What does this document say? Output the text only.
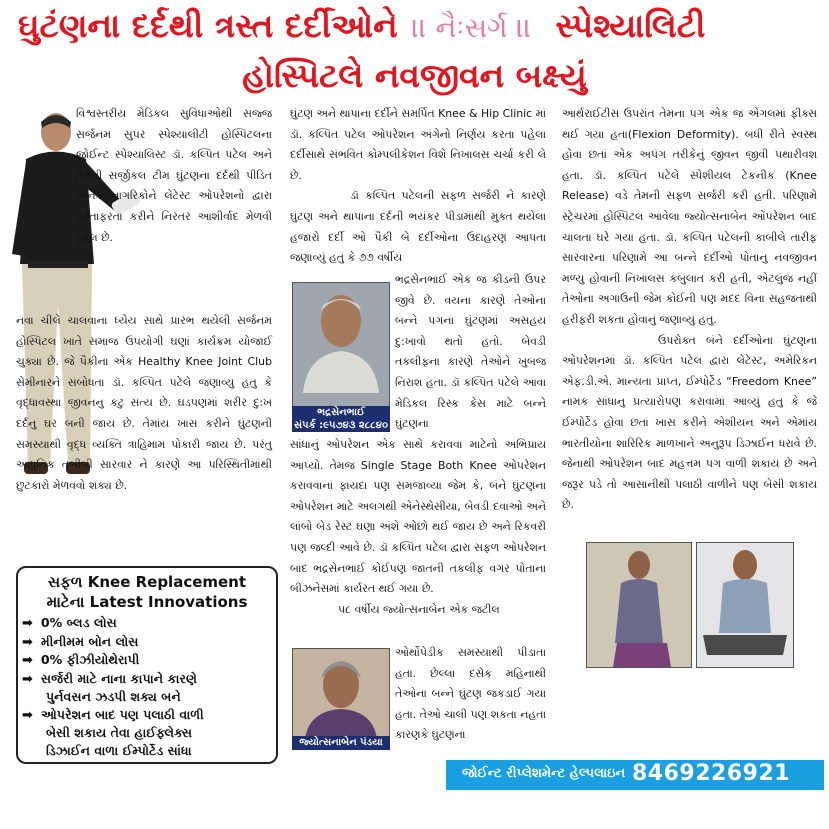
ઘુટંણના દર્દથી ત્રસ્ત દર્દીઓને ।। નૈઃસર્ગ ।। સ્પેશ્યાલિટી
હોસ્પિટલે નવજીવન બક્ષ્યું

વિશ્વસ્તરીય મેડિકલ સુવિધાઓથી સજ્જ સર્જનમ સુપર સ્પેશ્યાલીટી હોસ્પિટલના જોઈન્ટ સ્પેશ્યાલિસ્ટ ડૉ. કલ્પિત પટેલ અને તેમની સર્જીકલ ટીમ ઘુંટણના દર્દથી પીડિત અનેક નાગરિકોને લેટેસ્ટ ઓપરેશનો દ્વારા હરતાફરતા કરીને નિરંતર આશીર્વાદ મેળવી રહેલ છે.

નવા ચીલે ચાલવાના ધ્યેય સાથે પ્રારંભ થયેલી સર્જનમ હોસ્પિટલ ખાતે સમાજ ઉપયોગી ઘણાં કાર્યક્રમ યોજાઈ ચુક્યા છે. જે પૈકીના એક Healthy Knee Joint Club સેમીનારને સંબોધતા ડૉ. કલ્પિત પટેલે જણાવ્યુ હતુ કે વૃદ્ધાવસ્થા જીવનનુ કટુ સત્ય છે. ઘડપણમાં શરીર દુ:ખ દર્દનુ ઘર બની જાય છે. તેમાંય ખાસ કરીને ઘુંટણની સમસ્યાથી વૃદ્ધ વ્યક્તિ ત્રાહિમામ પોકારી જાય છે. પરંતુ આધુનિક તબીબી સારવાર ને કારણે આ પરિસ્થિતીમાંથી છુટકારો મેળવવો શક્ય છે.

સફળ Knee Replacement
માટેના Latest Innovations
➡ 0% બ્લડ લોસ
➡ મીનીમમ બોન લોસ
➡ 0% ફીઝીયોથેરાપી
➡ સર્જરી માટે નાના કાપાને કારણે
પુર્નવસન ઝડપી શક્ય બને
➡ ઓપરેશન બાદ પણ પલાઠી વાળી
બેસી શકાય તેવા હાઈફ્લેક્સ
ડિઝાઈન વાળા ઈમ્પોર્ટેડ સાંધા

ઘુંટણ અને થાપાના દર્દીને સમર્પિત Knee & Hip Clinic માં ડૉ. કલ્પિત પટેલ ઓપરેશન અંગેનો નિર્ણય કરતા પહેલા દર્દીસાથે સંભવિત કોમ્પલીકેશન વિશે નિખાલસ ચર્ચા કરી લે છે.

ડૉ કલ્પિત પટેલની સફળ સર્જરી ને કારણે ઘુંટણ અને થાપાના દર્દની ભયંકર પીડામાંથી મુક્ત થયેલા હજારો દર્દી ઓ પૈકી બે દર્દીઓના ઉદાહરણ આપતા જણાવ્યું હતું કે ૭૭ વર્ષીય

ભદ્રસેનભાઈ
સંપર્ક :૯૫૭૪૩ ૨૮૮૪૦

ભદ્રસેનભાઈ એક જ કીડની ઉપર જીવે છે. વયના કારણે તેઓના બન્ને પગના ઘુંટણમાં અસહય દુ:ખાવો થતો હતો. બેવડી તકલીફના કારણે તેઓને ખુબજ નિરાશ હતા. ડૉ કલ્પિત પટેલે આવા મેડિકલ રિસ્ક કેસ માટે બન્ને ઘુંટણના

સાંધાનું ઓપરેશન એક સાથે કરાવવા માટેનો અભિપ્રાય આપ્યો. તેમજ Single Stage Both Knee ઓપરેશન કરાવવાનાં ફાયદા પણ સમજાવ્યા જેમ કે, બંને ઘુંટણના ઓપરેશન માટે અલગથી એનેસ્થેસીયા, બેવડી દવાઓ અને લાંબો બેડ રેસ્ટ ઘણા અંશે ઓછો થઈ જાય છે અને રિકવરી પણ જલ્દી આવે છે. ડૉ કલ્પિત પટેલ દ્વારા સફળ ઓપરેશન બાદ ભદ્રસેનભાઈ કોઈપણ જાતની તકલીફ વગર પોતાના બીઝનેસમાં કાર્યરત થઈ ગયા છે.

૫૮ વર્ષીય જ્યોત્સનાબેન એક જટીલ

જ્યોત્સનાબેન પંડયા

ઓર્થોપેડીક સમસ્યાથી પીડાતા હતા. છેલ્લા દસેક મહિનાથી તેઓના બન્ને ઘુંટણ જકડાઈ ગયા હતા. તેઓ ચાલી પણ શકતા નહતા કારણકે ઘુંટણના

આર્થરાઈટીસ ઉપરાંત તેમના પગ એક જ એંગલમાં ફીક્સ થઈ ગયા હતા(Flexion Deformity). બધી રીતે સ્વસ્થ હોવા છતાં એક અપંગ તરીકેનું જીવન જીવી પથારીવશ હતા. ડૉ. કલ્પિત પટેલે સ્પેશીયલ ટેકનીક (Knee Release) વડે તેમની સફળ સર્જરી કરી હતી. પરિણામે સ્ટ્રેચરમાં હોસ્પિટલ આવેલા જ્યોત્સનાબેન ઓપરેશન બાદ ચાલતા ઘરે ગયા હતા. ડૉ. કલ્પિત પટેલની કાબીલે તારીફ સારવારના પરિણામે આ બન્ને દર્દીઓ પોતાનુ નવજીવન મળ્યુ હોવાની નિખાલસ કબુલાત કરી હતી, એટલુંજ નહીં તેઓના અગાઉની જેમ કોઈની પણ મદદ વિના સહજતાથી હરીફરી શકતા હોવાનું જણાવ્યું હતુ.

ઉપરોક્ત બંને દર્દીઓના ઘુંટણના ઓપરેશનમાં ડૉ. કલ્પિત પટેલ દ્વારા લેટેસ્ટ, અમેરિકન એફ.ડી.એ. માન્યતા પ્રાપ્ત, ઈમ્પોર્ટેડ “Freedom Knee” નામક સાંધાનુ પ્રત્યારોપણ કરાવામાં આવ્યું હતુ કે જે ઈમ્પોર્ટેડ હોવા છતાં ખાસ કરીને એશીયન અને એમાંય ભારતીયોના શારિરિક માળખાને અનુરૂપ ડિઝાઈન ધરાવે છે. જેનાથી ઓપરેશન બાદ મહત્તમ પગ વાળી શકાય છે અને જરૂર પડે તો આસાનીથી પલાઠી વાળીને પણ બેસી શકાય છે.

જોઈન્ટ રીપ્લેશમેન્ટ હેલ્પલાઇન 8469226921
